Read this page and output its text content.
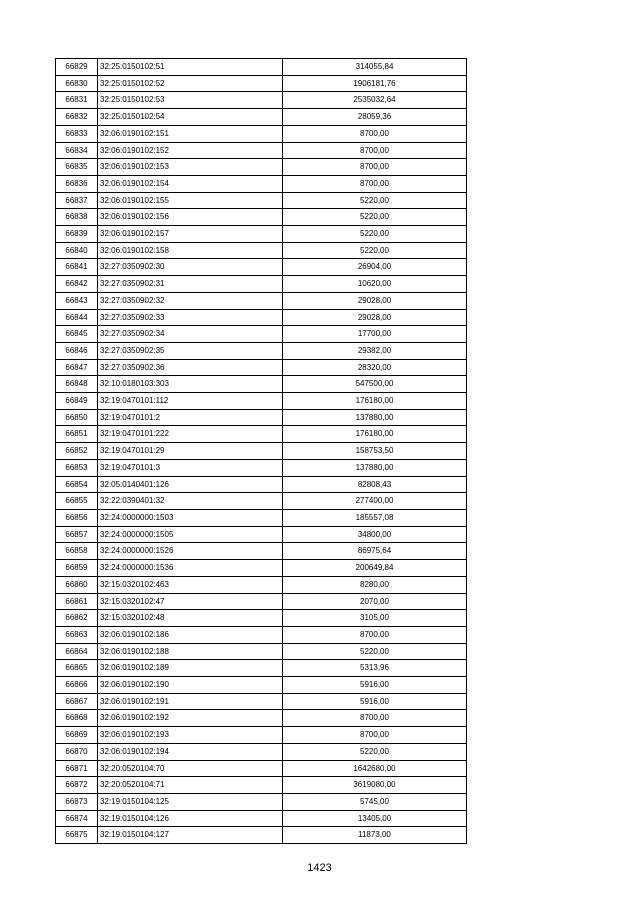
66829	32:25:0150102:51	314055,84
66830	32:25:0150102:52	1906181,76
66831	32:25:0150102:53	2535032,64
66832	32:25:0150102:54	28059,36
66833	32:06:0190102:151	8700,00
66834	32:06:0190102:152	8700,00
66835	32:06:0190102:153	8700,00
66836	32:06:0190102:154	8700,00
66837	32:06:0190102:155	5220,00
66838	32:06:0190102:156	5220,00
66839	32:06:0190102:157	5220,00
66840	32:06:0190102:158	5220,00
66841	32:27:0350902:30	26904,00
66842	32:27:0350902:31	10620,00
66843	32:27:0350902:32	29028,00
66844	32:27:0350902:33	29028,00
66845	32:27:0350902:34	17700,00
66846	32:27:0350902:35	29382,00
66847	32:27:0350902:36	28320,00
66848	32:10:0180103:303	547500,00
66849	32:19:0470101:112	176180,00
66850	32:19:0470101:2	137880,00
66851	32:19:0470101:222	176180,00
66852	32:19:0470101:29	158753,50
66853	32:19:0470101:3	137880,00
66854	32:05:0140401:126	82808,43
66855	32:22:0390401:32	277400,00
66856	32:24:0000000:1503	185557,08
66857	32:24:0000000:1505	34800,00
66858	32:24:0000000:1526	86975,64
66859	32:24:0000000:1536	200649,84
66860	32:15:0320102:463	8280,00
66861	32:15:0320102:47	2070,00
66862	32:15:0320102:48	3105,00
66863	32:06:0190102:186	8700,00
66864	32:06:0190102:188	5220,00
66865	32:06:0190102:189	5313,96
66866	32:06:0190102:190	5916,00
66867	32:06:0190102:191	5916,00
66868	32:06:0190102:192	8700,00
66869	32:06:0190102:193	8700,00
66870	32:06:0190102:194	5220,00
66871	32:20:0520104:70	1642680,00
66872	32:20:0520104:71	3619080,00
66873	32:19:0150104:125	5745,00
66874	32:19:0150104:126	13405,00
66875	32:19:0150104:127	11873,00
1423
